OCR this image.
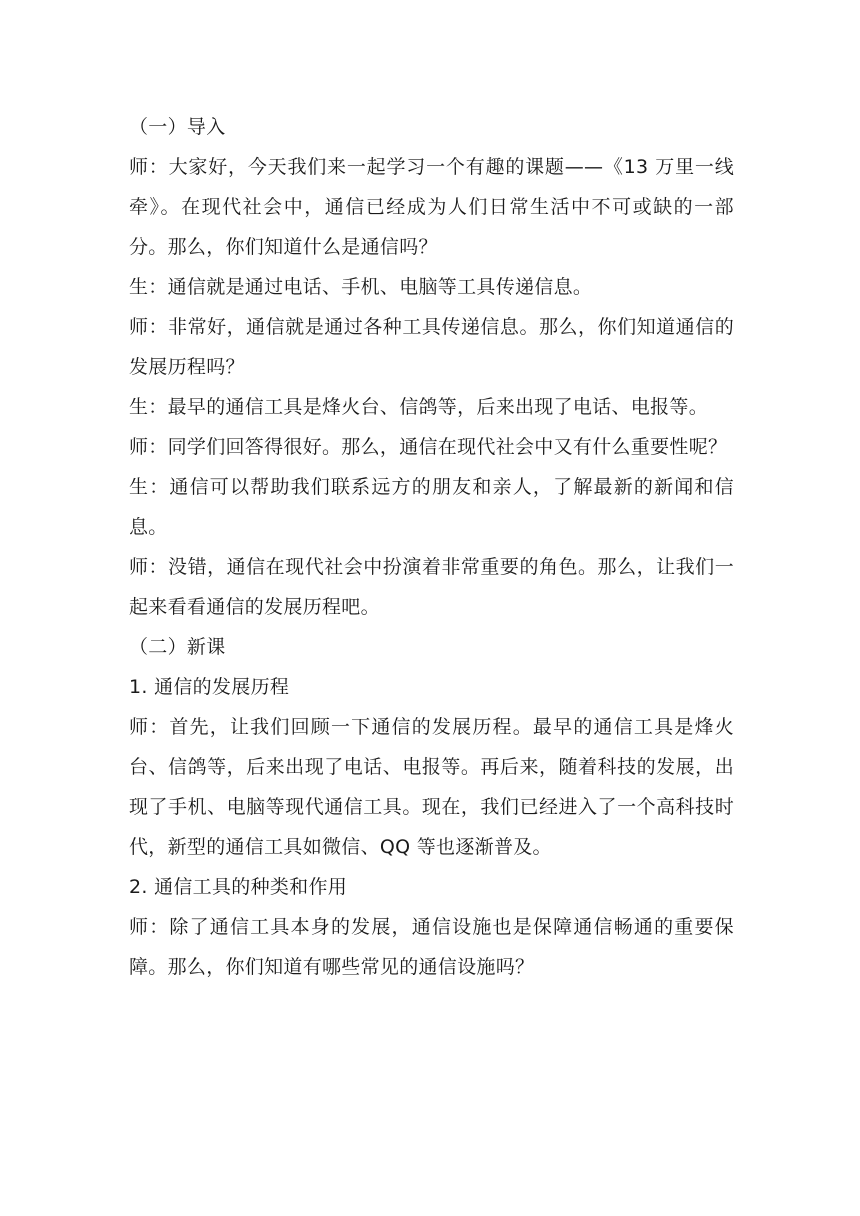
（一）导入

师：大家好，今天我们来一起学习一个有趣的课题——《13 万里一线牵》。在现代社会中，通信已经成为人们日常生活中不可或缺的一部分。那么，你们知道什么是通信吗？

生：通信就是通过电话、手机、电脑等工具传递信息。

师：非常好，通信就是通过各种工具传递信息。那么，你们知道通信的发展历程吗？

生：最早的通信工具是烽火台、信鸽等，后来出现了电话、电报等。

师：同学们回答得很好。那么，通信在现代社会中又有什么重要性呢？

生：通信可以帮助我们联系远方的朋友和亲人，了解最新的新闻和信息。

师：没错，通信在现代社会中扮演着非常重要的角色。那么，让我们一起来看看通信的发展历程吧。

（二）新课

1. 通信的发展历程

师：首先，让我们回顾一下通信的发展历程。最早的通信工具是烽火台、信鸽等，后来出现了电话、电报等。再后来，随着科技的发展，出现了手机、电脑等现代通信工具。现在，我们已经进入了一个高科技时代，新型的通信工具如微信、QQ 等也逐渐普及。

2. 通信工具的种类和作用

师：除了通信工具本身的发展，通信设施也是保障通信畅通的重要保障。那么，你们知道有哪些常见的通信设施吗？
